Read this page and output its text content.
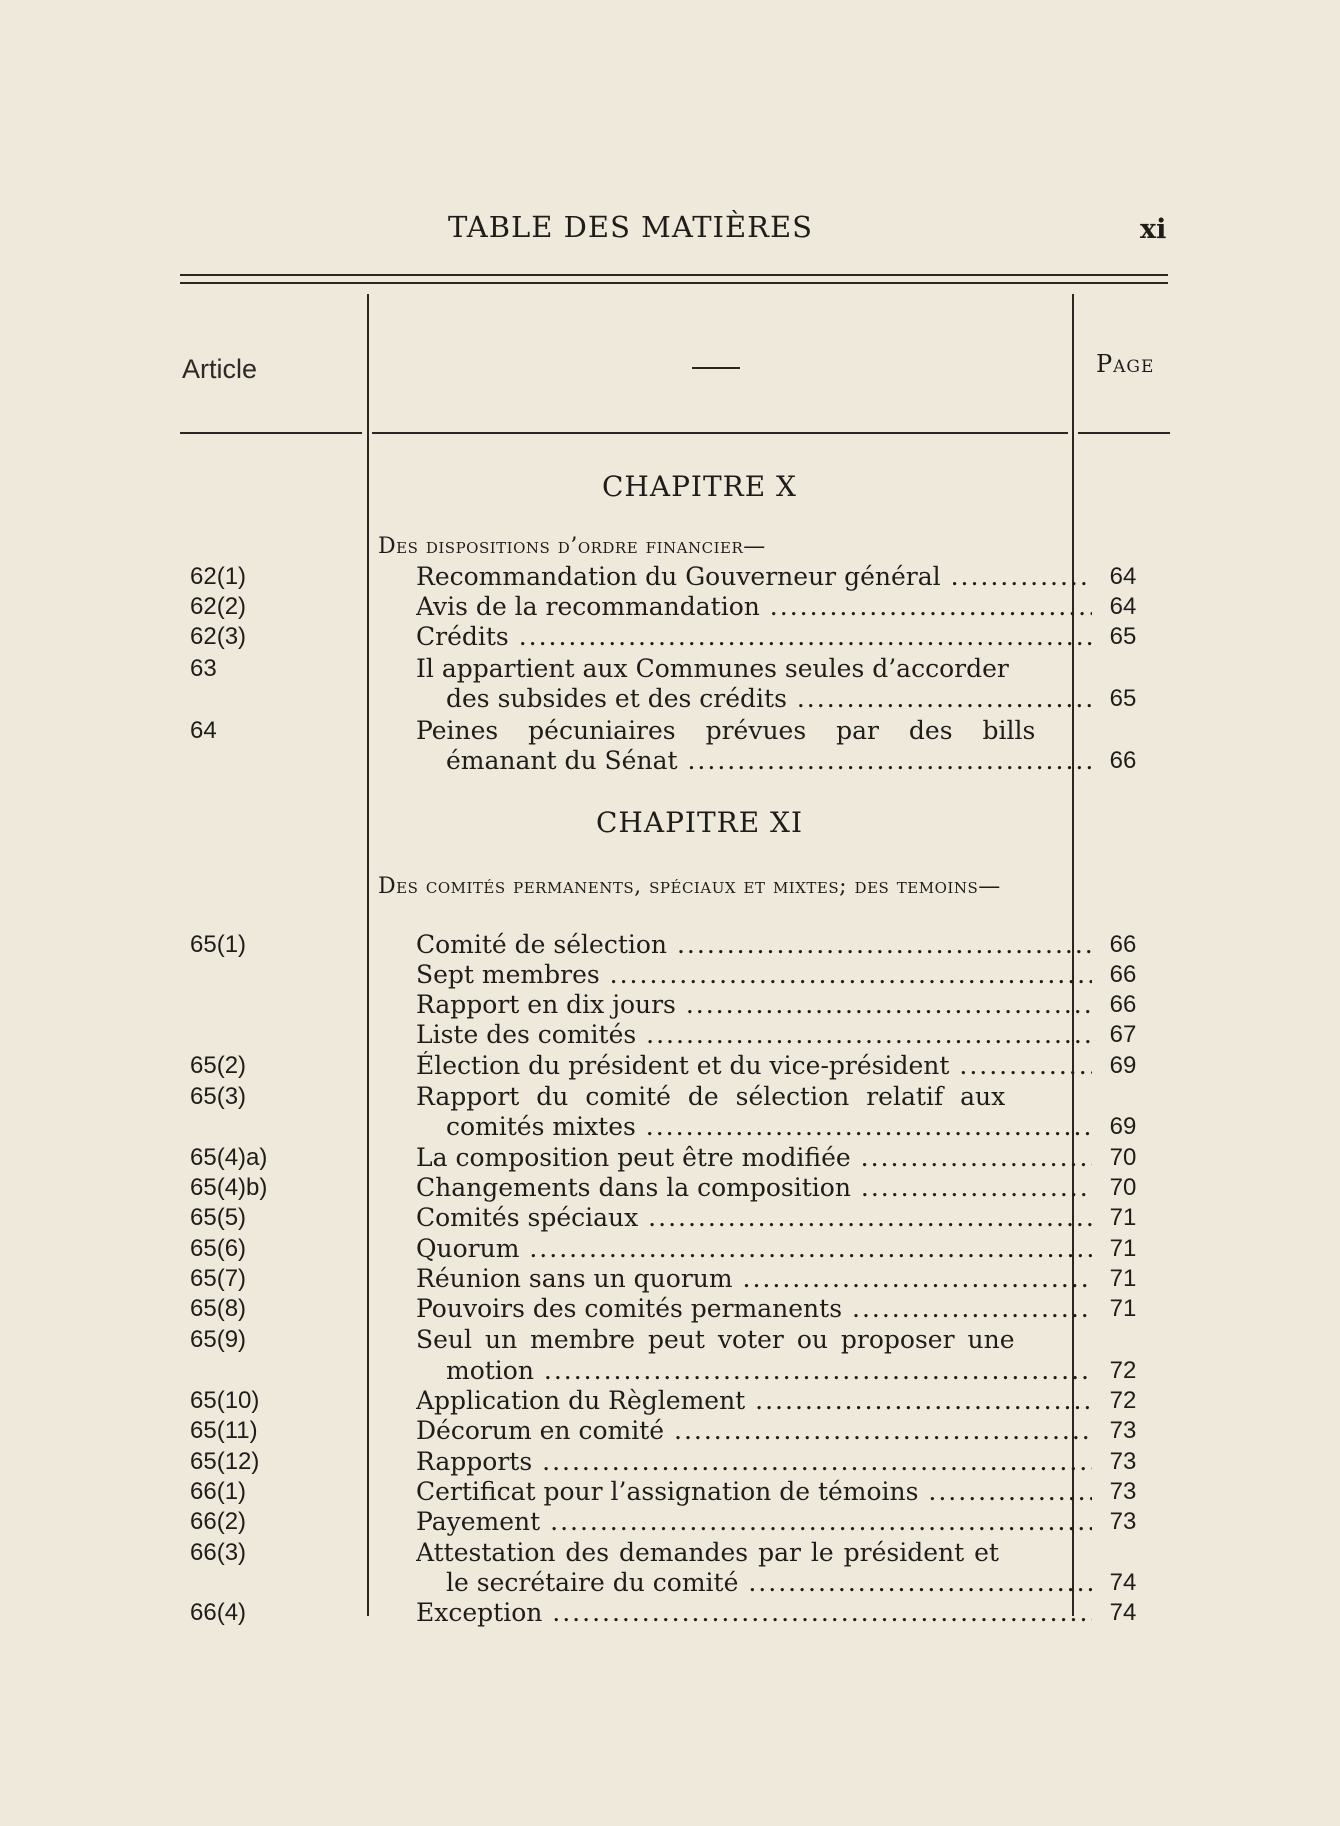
TABLE DES MATIÈRES	xi
Article	Page
CHAPITRE X
Des dispositions d’ordre financier—
62(1)	Recommandation du Gouverneur général .....	64
62(2)	Avis de la recommandation .....	64
62(3)	Crédits .....	65
63	Il appartient aux Communes seules d’accorder
des subsides et des crédits .....	65
64	Peines pécuniaires prévues par des bills
émanant du Sénat .....	66
CHAPITRE XI
Des comités permanents, spéciaux et mixtes; des temoins—
65(1)	Comité de sélection .....	66
Sept membres .....	66
Rapport en dix jours .....	66
Liste des comités .....	67
65(2)	Élection du président et du vice-président .....	69
65(3)	Rapport du comité de sélection relatif aux
comités mixtes .....	69
65(4)a)	La composition peut être modifiée .....	70
65(4)b)	Changements dans la composition .....	70
65(5)	Comités spéciaux .....	71
65(6)	Quorum .....	71
65(7)	Réunion sans un quorum .....	71
65(8)	Pouvoirs des comités permanents .....	71
65(9)	Seul un membre peut voter ou proposer une
motion .....	72
65(10)	Application du Règlement .....	72
65(11)	Décorum en comité .....	73
65(12)	Rapports .....	73
66(1)	Certificat pour l’assignation de témoins .....	73
66(2)	Payement .....	73
66(3)	Attestation des demandes par le président et
le secrétaire du comité .....	74
66(4)	Exception .....	74
